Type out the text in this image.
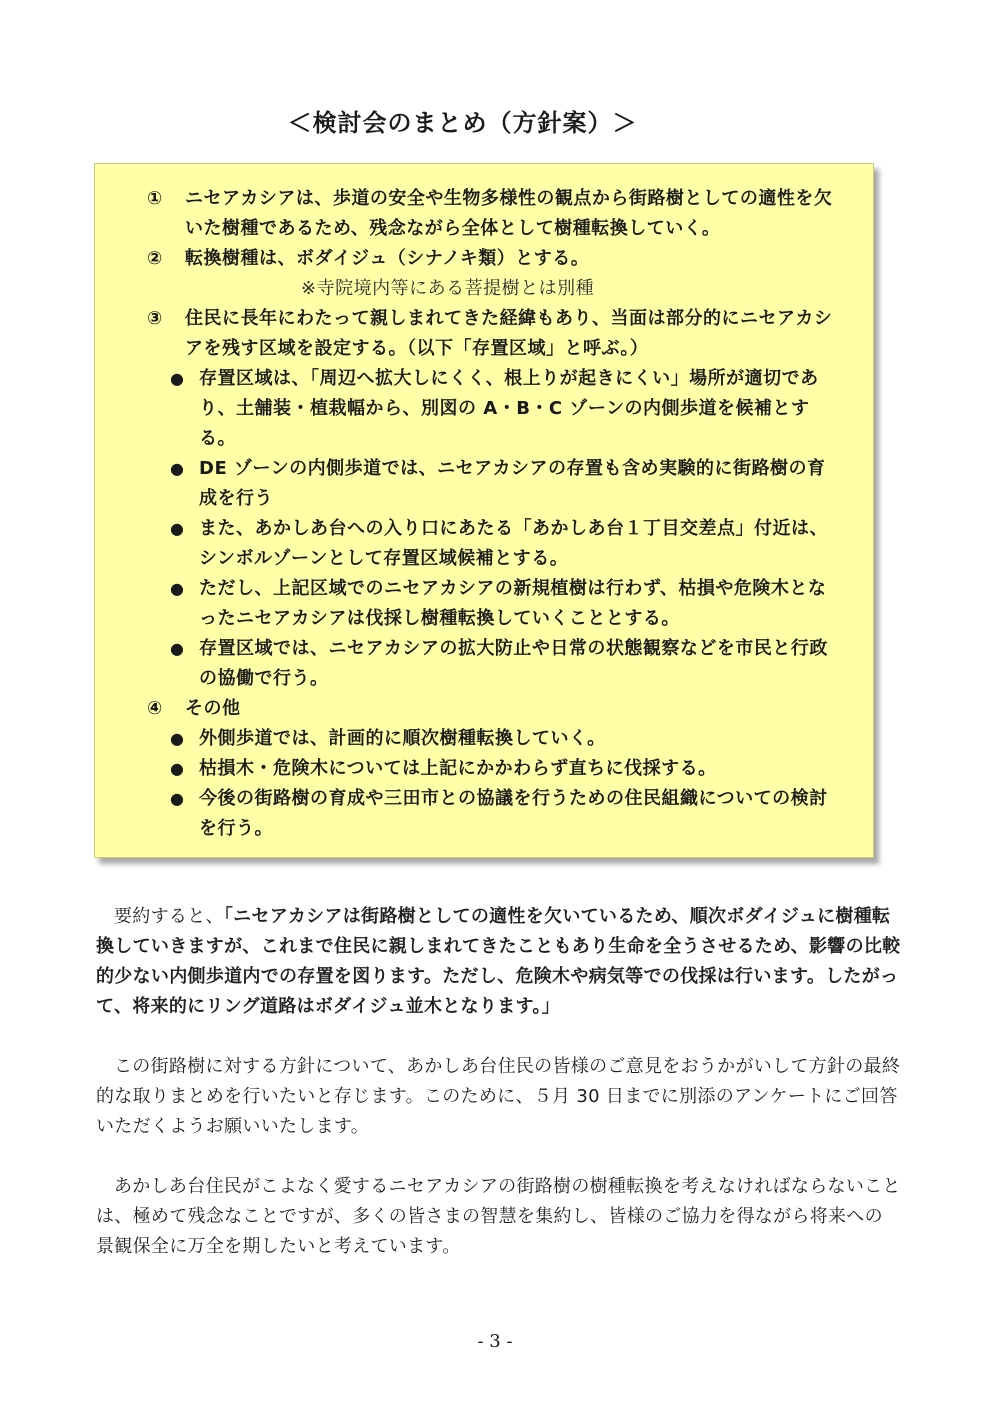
＜検討会のまとめ（方針案）＞
① ニセアカシアは、歩道の安全や生物多様性の観点から街路樹としての適性を欠いた樹種であるため、残念ながら全体として樹種転換していく。
② 転換樹種は、ボダイジュ（シナノキ類）とする。
※寺院境内等にある菩提樹とは別種
③ 住民に長年にわたって親しまれてきた経緯もあり、当面は部分的にニセアカシアを残す区域を設定する。（以下「存置区域」と呼ぶ。）
● 存置区域は、「周辺へ拡大しにくく、根上りが起きにくい」場所が適切であり、土舗装・植栽幅から、別図の A・B・C ゾーンの内側歩道を候補とする。
● DE ゾーンの内側歩道では、ニセアカシアの存置も含め実験的に街路樹の育成を行う
● また、あかしあ台への入り口にあたる「あかしあ台１丁目交差点」付近は、シンボルゾーンとして存置区域候補とする。
● ただし、上記区域でのニセアカシアの新規植樹は行わず、枯損や危険木となったニセアカシアは伐採し樹種転換していくこととする。
● 存置区域では、ニセアカシアの拡大防止や日常の状態観察などを市民と行政の協働で行う。
④ その他
● 外側歩道では、計画的に順次樹種転換していく。
● 枯損木・危険木については上記にかかわらず直ちに伐採する。
● 今後の街路樹の育成や三田市との協議を行うための住民組織についての検討を行う。
要約すると、「ニセアカシアは街路樹としての適性を欠いているため、順次ボダイジュに樹種転換していきますが、これまで住民に親しまれてきたこともあり生命を全うさせるため、影響の比較的少ない内側歩道内での存置を図ります。ただし、危険木や病気等での伐採は行います。したがって、将来的にリング道路はボダイジュ並木となります。」
この街路樹に対する方針について、あかしあ台住民の皆様のご意見をおうかがいして方針の最終的な取りまとめを行いたいと存じます。このために、５月 30 日までに別添のアンケートにご回答いただくようお願いいたします。
あかしあ台住民がこよなく愛するニセアカシアの街路樹の樹種転換を考えなければならないことは、極めて残念なことですが、多くの皆さまの智慧を集約し、皆様のご協力を得ながら将来への景観保全に万全を期したいと考えています。
- 3 -
